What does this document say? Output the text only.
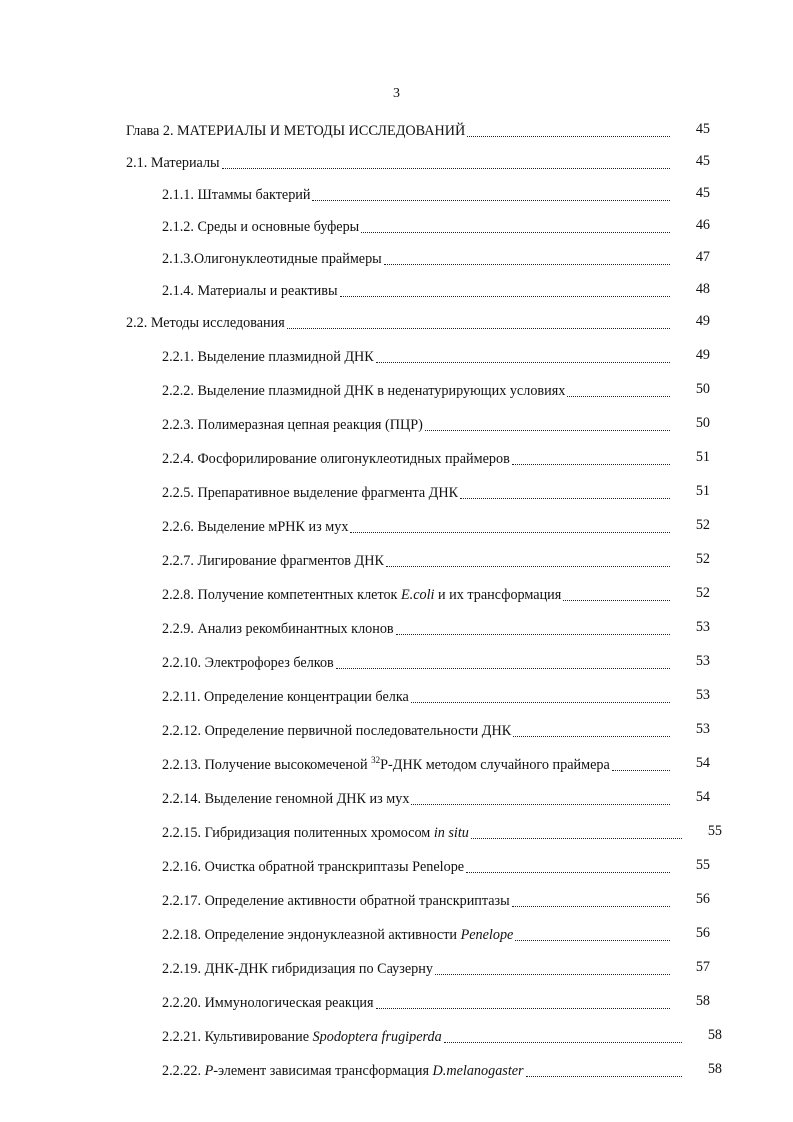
3
Глава 2. МАТЕРИАЛЫ И МЕТОДЫ ИССЛЕДОВАНИЙ	45
2.1. Материалы	45
2.1.1. Штаммы бактерий	45
2.1.2. Среды и основные буферы	46
2.1.3.Олигонуклеотидные праймеры	47
2.1.4. Материалы и реактивы	48
2.2. Методы исследования	49
2.2.1. Выделение плазмидной ДНК	49
2.2.2. Выделение плазмидной ДНК в неденатурирующих условиях	50
2.2.3. Полимеразная цепная реакция (ПЦР)	50
2.2.4. Фосфорилирование олигонуклеотидных праймеров	51
2.2.5. Препаративное выделение фрагмента ДНК	51
2.2.6. Выделение мРНК из мух	52
2.2.7. Лигирование фрагментов ДНК	52
2.2.8. Получение компетентных клеток E.coli и их трансформация	52
2.2.9. Анализ рекомбинантных клонов	53
2.2.10. Электрофорез белков	53
2.2.11. Определение концентрации белка	53
2.2.12. Определение первичной последовательности ДНК	53
2.2.13. Получение высокомеченой $^{32}$Р-ДНК методом случайного праймера	54
2.2.14. Выделение геномной ДНК из мух	54
2.2.15. Гибридизация политенных хромосом in situ	55
2.2.16. Очистка обратной транскриптазы Penelope	55
2.2.17. Определение активности обратной транскриптазы	56
2.2.18. Определение эндонуклеазной активности Penelope	56
2.2.19. ДНК-ДНК гибридизация по Саузерну	57
2.2.20. Иммунологическая реакция	58
2.2.21. Культивирование Spodoptera frugiperda	58
2.2.22. P-элемент зависимая трансформация D.melanogaster	58
